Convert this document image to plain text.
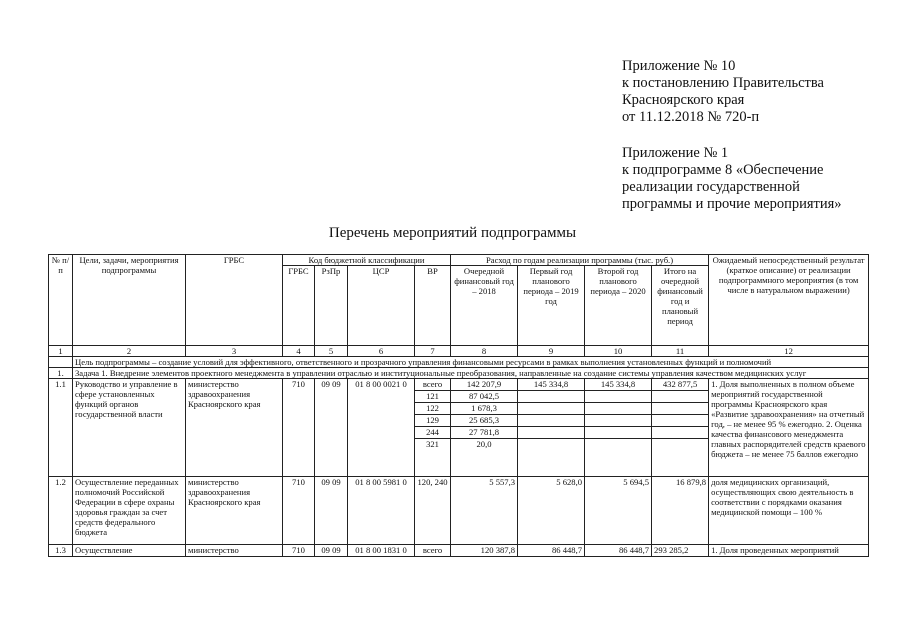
Приложение № 10
к постановлению Правительства
Красноярского края
от 11.12.2018 № 720-п
Приложение № 1
к подпрограмме 8 «Обеспечение
реализации государственной
программы и прочие мероприятия»
Перечень мероприятий подпрограммы
№ п/п	Цели, задачи, мероприятия подпрограммы	ГРБС	Код бюджетной классификации				Расход по годам реализации программы (тыс. руб.)				Ожидаемый непосредственный результат (краткое описание) от реализации подпрограммного мероприятия (в том числе в натуральном выражении)
			ГРБС	РзПр	ЦСР	ВР	Очередной финансовый год – 2018	Первый год планового периода – 2019 год	Второй год планового периода – 2020	Итого на очередной финансовый год и плановый период	
1	2	3	4	5	6	7	8	9	10	11	12
	Цель подпрограммы – создание условий для эффективного, ответственного и прозрачного управления финансовыми ресурсами в рамках выполнения установленных функций и полномочий										
1.	Задача 1. Внедрение элементов проектного менеджмента в управлении отраслью и институциональные преобразования, направленные на создание системы управления качеством медицинских услуг										
1.1	Руководство и управление в сфере установленных функций органов государственной власти	министерство здравоохранения Красноярского края	710	09 09	01 8 00 0021 0	всего	142 207,9	145 334,8	145 334,8	432 877,5	1. Доля выполненных в полном объеме мероприятий государственной программы Красноярского края «Развитие здравоохранения» на отчетный год, – не менее 95 % ежегодно. 2. Оценка качества финансового менеджмента главных распорядителей средств краевого бюджета – не менее 75 баллов ежегодно
						121	87 042,5				
						122	1 678,3				
						129	25 685,3				
						244	27 781,8				
						321	20,0				
1.2	Осуществление переданных полномочий Российской Федерации в сфере охраны здоровья граждан за счет средств федерального бюджета	министерство здравоохранения Красноярского края	710	09 09	01 8 00 5981 0	120, 240	5 557,3	5 628,0	5 694,5	16 879,8	доля медицинских организаций, осуществляющих свою деятельность в соответствии с порядками оказания медицинской помощи – 100 %
1.3	Осуществление	министерство	710	09 09	01 8 00 1831 0	всего	120 387,8	86 448,7	86 448,7	293 285,2	1. Доля проведенных мероприятий
